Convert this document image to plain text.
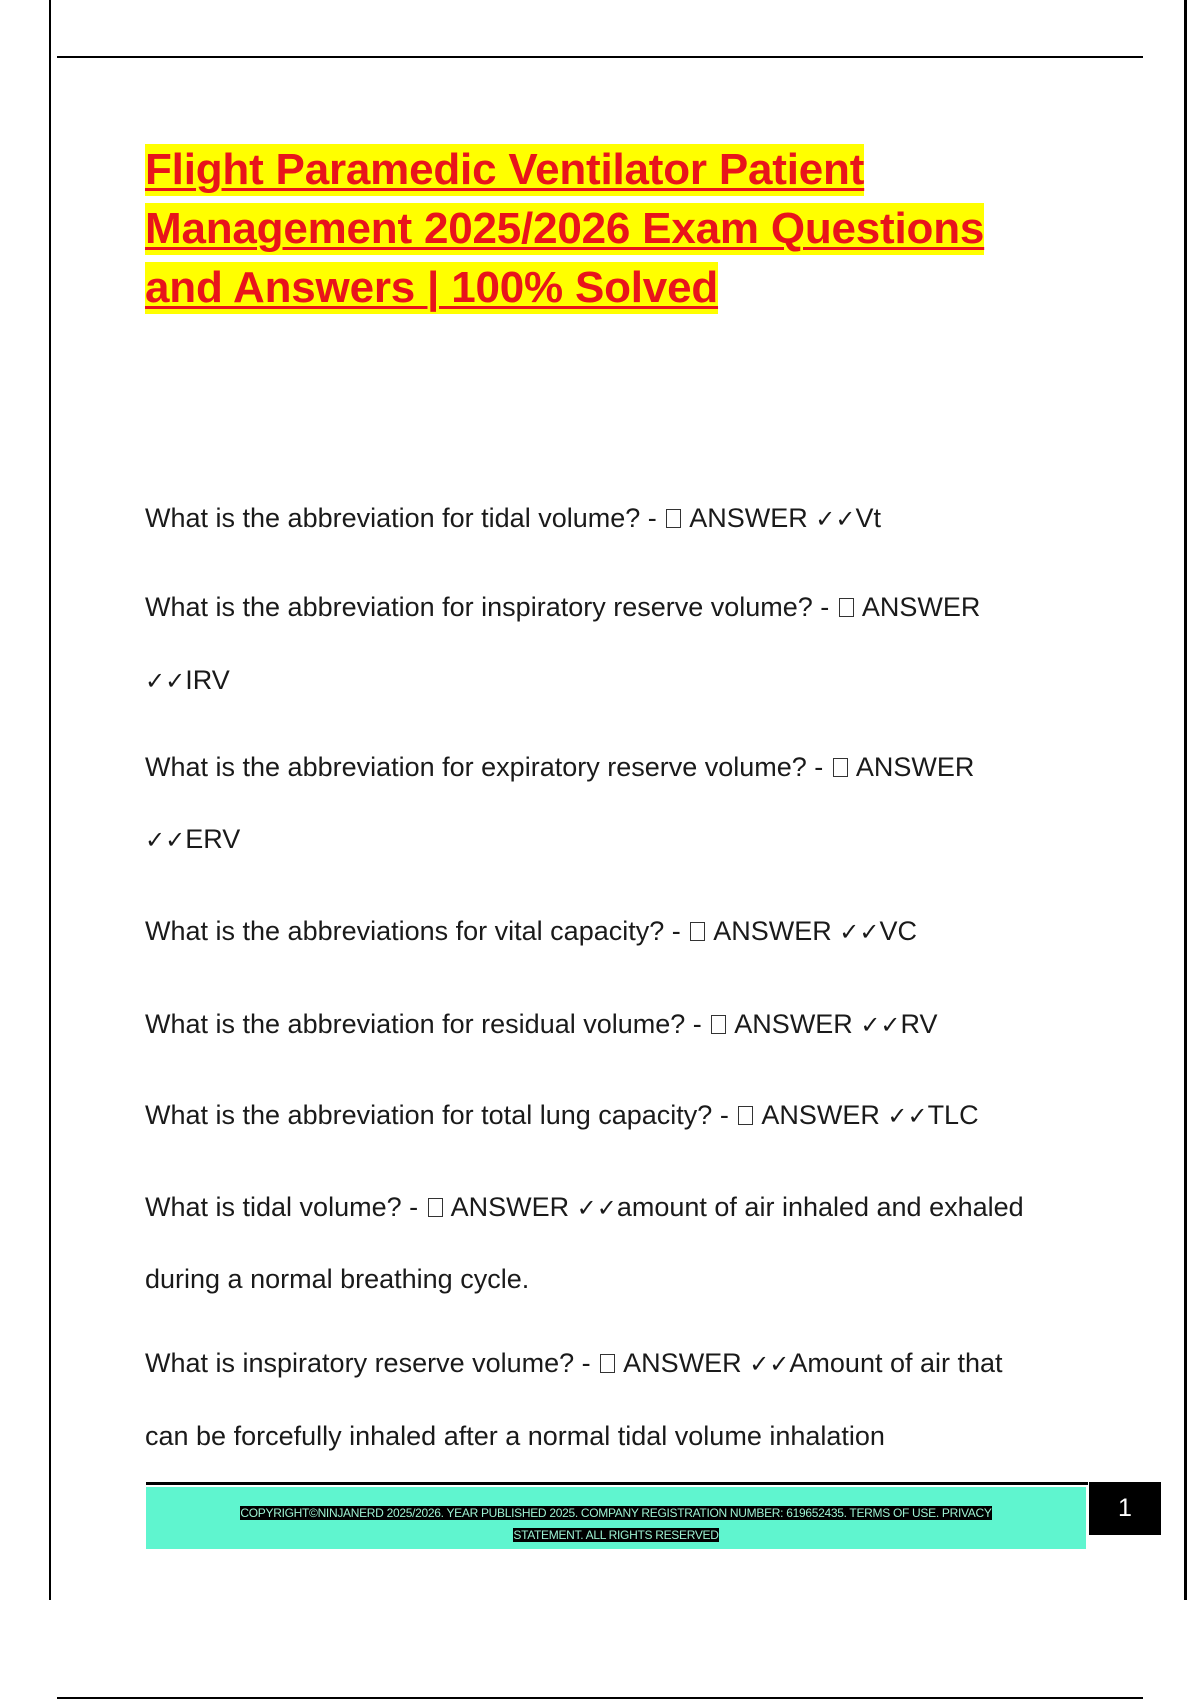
Flight Paramedic Ventilator Patient
Management 2025/2026 Exam Questions
and Answers | 100% Solved
What is the abbreviation for tidal volume? -  ANSWER ✓✓Vt
What is the abbreviation for inspiratory reserve volume? -  ANSWER
✓✓IRV
What is the abbreviation for expiratory reserve volume? -  ANSWER
✓✓ERV
What is the abbreviations for vital capacity? -  ANSWER ✓✓VC
What is the abbreviation for residual volume? -  ANSWER ✓✓RV
What is the abbreviation for total lung capacity? -  ANSWER ✓✓TLC
What is tidal volume? -  ANSWER ✓✓amount of air inhaled and exhaled
during a normal breathing cycle.
What is inspiratory reserve volume? -  ANSWER ✓✓Amount of air that
can be forcefully inhaled after a normal tidal volume inhalation
COPYRIGHT©NINJANERD 2025/2026. YEAR PUBLISHED 2025. COMPANY REGISTRATION NUMBER: 619652435. TERMS OF USE. PRIVACY
STATEMENT. ALL RIGHTS RESERVED
1
